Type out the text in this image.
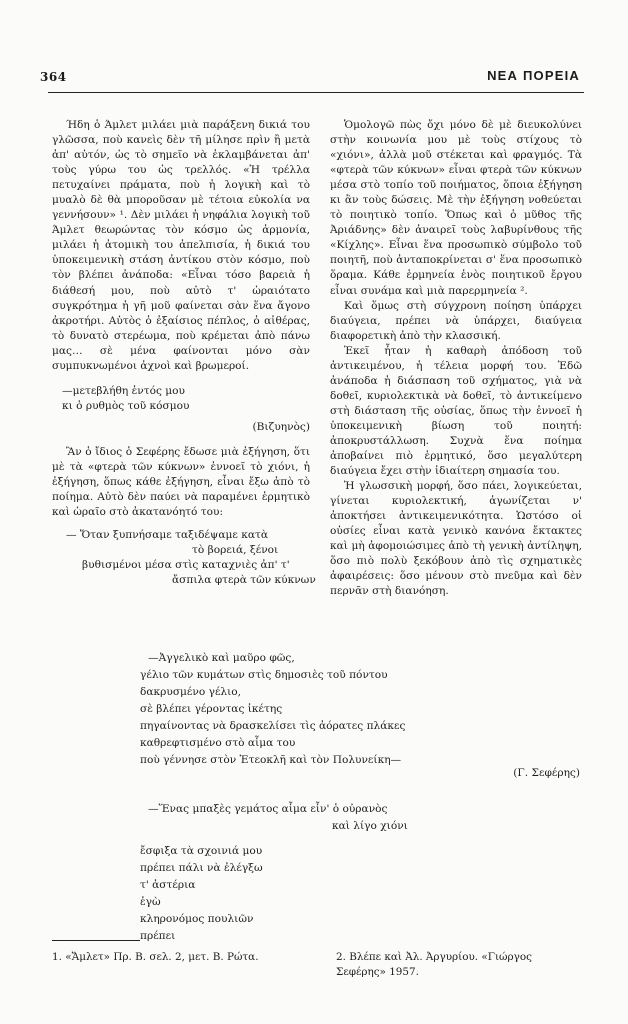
364	ΝΕΑ ΠΟΡΕΙΑ

Ήδη ὁ Άμλετ μιλάει μιὰ παράξενη δικιά του γλῶσσα, ποὺ κανεὶς δὲν τῆ μίλησε πρὶν ἢ μετὰ ἀπ' αὐτόν, ὡς τὸ σημεῖο νὰ ἐκλαμβάνεται ἀπ' τοὺς γύρω του ὡς τρελλός. «Ἡ τρέλλα πετυχαίνει πράματα, ποὺ ἡ λογικὴ καὶ τὸ μυαλὸ δὲ θὰ μποροῦσαν μὲ τέτοια εὐκολία να γεννήσουν» ¹. Δὲν μιλάει ἡ νηφάλια λογικὴ τοῦ Άμλετ θεωρώντας τὸν κόσμο ὡς ἁρμονία, μιλάει ἡ ἀτομικὴ του ἀπελπισία, ἡ δικιά του ὑποκειμενικὴ στάση ἀντίκου στὸν κόσμο, ποὺ τὸν βλέπει ἀνάποδα: «Εἶναι τόσο βαρειὰ ἡ διάθεσή μου, ποὺ αὐτὸ τ' ὡραιότατο συγκρότημα ἡ γῆ μοῦ φαίνεται σὰν ἕνα ἄγονο ἀκροτήρι. Αὐτὸς ὁ ἐξαίσιος πέπλος, ὁ αἰθέρας, τὸ δυνατὸ στερέωμα, ποὺ κρέμεται ἀπὸ πάνω μας… σὲ μένα φαίνονται μόνο σὰν συμπυκνωμένοι ἀχνοὶ καὶ βρωμεροί.

—μετεβλήθη ἐντός μου
κι ὁ ρυθμὸς τοῦ κόσμου
(Βιζυηνὸς)

Ἂν ὁ ἴδιος ὁ Σεφέρης ἔδωσε μιὰ ἐξήγηση, ὅτι μὲ τὰ «φτερὰ τῶν κύκνων» ἐννοεῖ τὸ χιόνι, ἡ ἐξήγηση, ὅπως κάθε ἐξήγηση, εἶναι ἔξω ἀπὸ τὸ ποίημα. Αὐτὸ δὲν παύει νὰ παραμένει ἑρμητικὸ καὶ ὡραῖο στὸ ἀκατανόητό του:

— Ὅταν ξυπνήσαμε ταξιδέψαμε κατὰ
τὸ βορειά, ξένοι
βυθισμένοι μέσα στὶς καταχνιὲς ἀπ' τ'
ἄσπιλα φτερὰ τῶν κύκνων

Ὁμολογῶ πὼς ὄχι μόνο δὲ μὲ διευκολύνει στὴν κοινωνία μου μὲ τοὺς στίχους τὸ «χιόνι», ἀλλὰ μοῦ στέκεται καὶ φραγμός. Τὰ «φτερὰ τῶν κύκνων» εἶναι φτερὰ τῶν κύκνων μέσα στὸ τοπίο τοῦ ποιήματος, ὅποια ἐξήγηση κι ἂν τοὺς δώσεις. Μὲ τὴν ἐξήγηση νοθεύεται τὸ ποιητικὸ τοπίο. Ὅπως καὶ ὁ μῦθος τῆς Ἀριάδνης» δὲν ἀναιρεῖ τοὺς λαβυρίνθους τῆς «Κίχλης». Εἶναι ἕνα προσωπικὸ σύμβολο τοῦ ποιητῆ, ποὺ ἀνταποκρίνεται σ' ἕνα προσωπικὸ ὅραμα. Κάθε ἑρμηνεία ἑνὸς ποιητικοῦ ἔργου εἶναι συνάμα καὶ μιὰ παρερμηνεία ².

Καὶ ὅμως στὴ σύγχρονη ποίηση ὑπάρχει διαύγεια, πρέπει νὰ ὑπάρχει, διαύγεια διαφορετικὴ ἀπὸ τὴν κλασσική.

Ἐκεῖ ἦταν ἡ καθαρὴ ἀπόδοση τοῦ ἀντικειμένου, ἡ τέλεια μορφή του. Ἐδῶ ἀνάποδα ἡ διάσπαση τοῦ σχήματος, γιὰ νὰ δοθεῖ, κυριολεκτικὰ νὰ δοθεῖ, τὸ ἀντικείμενο στὴ διάσταση τῆς οὐσίας, ὅπως τὴν ἐννοεῖ ἡ ὑποκειμενικὴ βίωση τοῦ ποιητή: ἀποκρυστάλλωση. Συχνὰ ἕνα ποίημα ἀποβαίνει πιὸ ἑρμητικό, ὅσο μεγαλύτερη διαύγεια ἔχει στὴν ἰδιαίτερη σημασία του.

Ἡ γλωσσικὴ μορφή, ὅσο πάει, λογικεύεται, γίνεται κυριολεκτική, ἀγωνίζεται ν' ἀποκτήσει ἀντικειμενικότητα. Ὡστόσο οἱ οὐσίες εἶναι κατὰ γενικὸ κανόνα ἔκτακτες καὶ μὴ ἀφομοιώσιμες ἀπὸ τὴ γενικὴ ἀντίληψη, ὅσο πιὸ πολὺ ξεκόβουν ἀπὸ τὶς σχηματικὲς ἀφαιρέσεις: ὅσο μένουν στὸ πνεῦμα καὶ δὲν περνᾶν στὴ διανόηση.

—Ἀγγελικὸ καὶ μαῦρο φῶς,
γέλιο τῶν κυμάτων στὶς δημοσιὲς τοῦ πόντου
δακρυσμένο γέλιο,
σὲ βλέπει γέροντας ἱκέτης
πηγαίνοντας νὰ δρασκελίσει τὶς ἀόρατες πλάκες
καθρεφτισμένο στὸ αἷμα του
ποὺ γέννησε στὸν Ἐτεοκλῆ καὶ τὸν Πολυνείκη—
(Γ. Σεφέρης)
—Ἕνας μπαξὲς γεμάτος αἷμα εἶν' ὁ οὐρανὸς
καὶ λίγο χιόνι
ἔσφιξα τὰ σχοινιά μου
πρέπει πάλι νὰ ἐλέγξω
τ' ἀστέρια
ἐγὼ
κληρονόμος πουλιῶν
πρέπει
1. «Ἄμλετ» Πρ. Β. σελ. 2, μετ. Β. Ρώτα.	2. Βλέπε καὶ Ἀλ. Ἀργυρίου. «Γιώργος Σεφέρης» 1957.
